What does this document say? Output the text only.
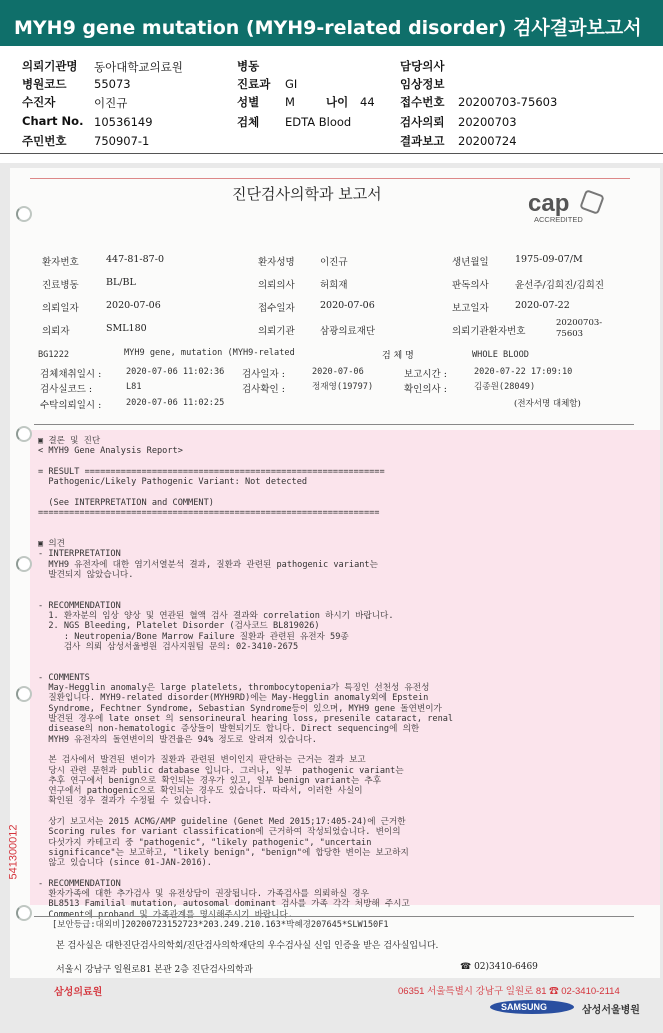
MYH9 gene mutation (MYH9-related disorder) 검사결과보고서
의뢰기관명 동아대학교의료원	병동	담당의사
병원코드 55073	진료과 GI	임상정보
수진자	이진규	성별 M	나이 44 접수번호 20200703-75603
Chart No. 10536149	검체 EDTA Blood	검사의뢰 20200703
주민번호 750907-1	결과보고 20200724
진단검사의학과 보고서	cap
ACCREDITED
환자번호	447-81-87-0	환자성명	이진규	생년월일	1975-09-07/M
진료병동	BL/BL	의뢰의사	허희재	판독의사	윤선주/김희진/김희진
의뢰일자	2020-07-06	접수일자	2020-07-06	보고일자	2020-07-22
의뢰자	SML180	의뢰기관	삼광의료재단	의뢰기관환자번호
20200703-
75603
BG1222	MYH9 gene, mutation (MYH9-related	검 체 명	WHOLE BLOOD
검체채취일시 :	2020-07-06 11:02:36 검사일자 :	2020-07-06	보고시간 :	2020-07-22 17:09:10
검사실코드 :	L81	검사확인 :	정재영(19797)	확인의사 :	김종원(28049)
수탁의뢰일시 :	2020-07-06 11:02:25	(전자서명 대체함)
▣ 결론 및 진단
< MYH9 Gene Analysis Report>
= RESULT ==========================================================
Pathogenic/Likely Pathogenic Variant: Not detected
(See INTERPRETATION and COMMENT)
==================================================================
▣ 의견
- INTERPRETATION
MYH9 유전자에 대한 염기서열분석 결과, 질환과 관련된 pathogenic variant는
발견되지 않았습니다.
- RECOMMENDATION
1. 환자분의 임상 양상 및 연관된 혈액 검사 결과와 correlation 하시기 바랍니다.
2. NGS Bleeding, Platelet Disorder (검사코드 BL819026)
: Neutropenia/Bone Marrow Failure 질환과 관련된 유전자 59종
검사 의뢰 삼성서울병원 검사지원팀 문의: 02-3410-2675
- COMMENTS
May-Hegglin anomaly은 large platelets, thrombocytopenia가 특징인 선천성 유전성
질환입니다. MYH9-related disorder(MYH9RD)에는 May-Hegglin anomaly외에 Epstein
Syndrome, Fechtner Syndrome, Sebastian Syndrome등이 있으며, MYH9 gene 돌연변이가
발견된 경우에 late onset 의 sensorineural hearing loss, presenile cataract, renal
disease의 non-hematologic 증상들이 발현되기도 합니다. Direct sequencing에 의한
MYH9 유전자의 돌연변이의 발견율은 94% 정도로 알려져 있습니다.
본 검사에서 발견된 변이가 질환과 관련된 변이인지 판단하는 근거는 결과 보고
당시 관련 문헌과 public database 입니다. 그러나, 일부  pathogenic variant는
추후 연구에서 benign으로 확인되는 경우가 있고, 일부 benign variant는 추후
연구에서 pathogenic으로 확인되는 경우도 있습니다. 따라서, 이러한 사실이
확인된 경우 결과가 수정될 수 있습니다.
상기 보고서는 2015 ACMG/AMP guideline (Genet Med 2015;17:405-24)에 근거한
Scoring rules for variant classification에 근거하여 작성되었습니다. 변이의
다섯가지 카테고리 중 "pathogenic", "likely pathogenic", "uncertain
significance"는 보고하고, "likely benign", "benign"에 합당한 변이는 보고하지
않고 있습니다 (since 01-JAN-2016).
- RECOMMENDATION
환자가족에 대한 추가검사 및 유전상담이 권장됩니다. 가족검사를 의뢰하실 경우
BL8513 Familial mutation, autosomal dominant 검사를 가족 각각 처방해 주시고
Comment에 proband 및 가족관계를 명시해주시기 바랍니다.
541300012
[보안등급:대외비]20200723152723*203.249.210.163*박혜경207645*SLW150F1
본 검사실은 대한진단검사의학회/진단검사의학재단의 우수검사실 신임 인증을 받은 검사실입니다.
서울시 강남구 일원로81 본관 2층 진단검사의학과	☎ 02)3410-6469
삼성의료원	06351 서울특별시 강남구 일원로 81 ☎ 02-3410-2114
SAMSUNG	삼성서울병원
